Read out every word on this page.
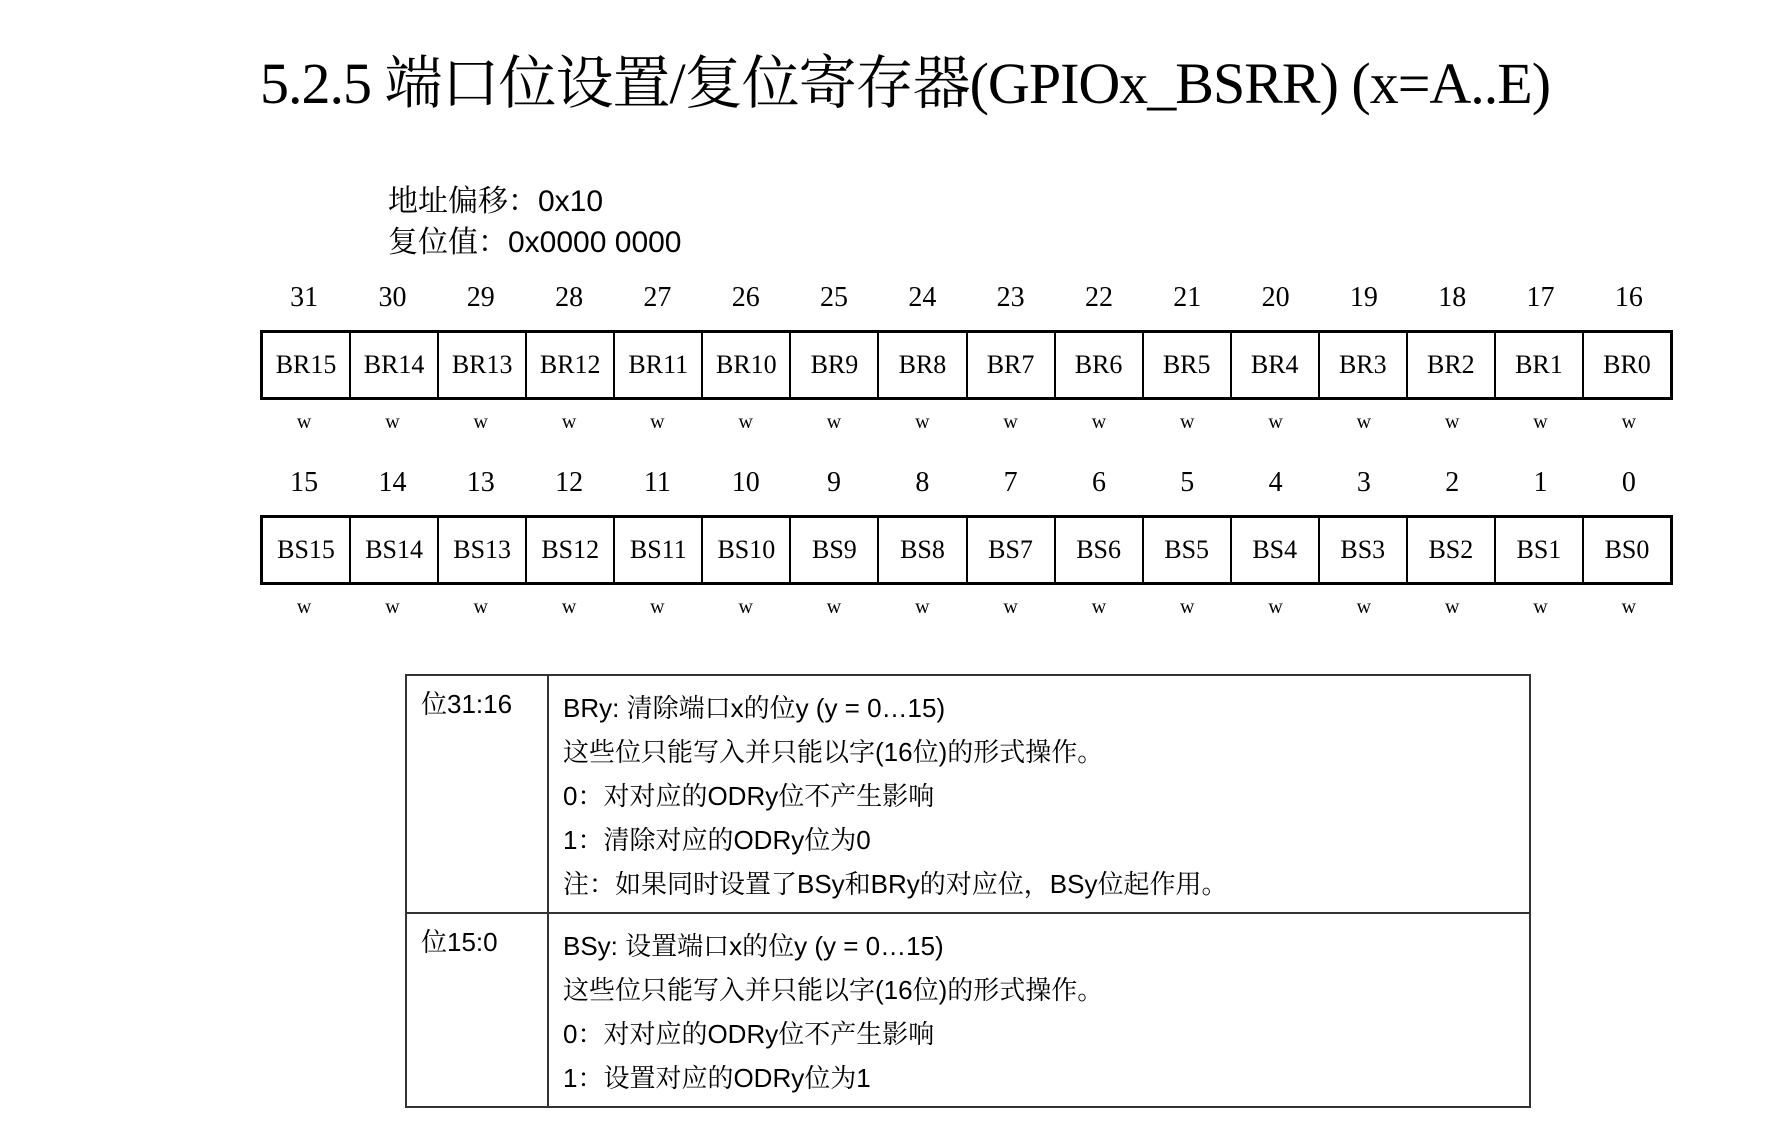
5.2.5 端口位设置/复位寄存器(GPIOx_BSRR) (x=A..E)
地址偏移：0x10
复位值：0x0000 0000
31	30	29	28	27	26	25	24	23	22	21	20	19	18	17	16
BR15	BR14	BR13	BR12	BR11	BR10	BR9	BR8	BR7	BR6	BR5	BR4	BR3	BR2	BR1	BR0
w	w	w	w	w	w	w	w	w	w	w	w	w	w	w	w
15	14	13	12	11	10	9	8	7	6	5	4	3	2	1	0
BS15	BS14	BS13	BS12	BS11	BS10	BS9	BS8	BS7	BS6	BS5	BS4	BS3	BS2	BS1	BS0
w	w	w	w	w	w	w	w	w	w	w	w	w	w	w	w
位31:16	BRy: 清除端口x的位y (y = 0…15)
这些位只能写入并只能以字(16位)的形式操作。
0：对对应的ODRy位不产生影响
1：清除对应的ODRy位为0
注：如果同时设置了BSy和BRy的对应位，BSy位起作用。

位15:0	BSy: 设置端口x的位y (y = 0…15)
这些位只能写入并只能以字(16位)的形式操作。
0：对对应的ODRy位不产生影响
1：设置对应的ODRy位为1
